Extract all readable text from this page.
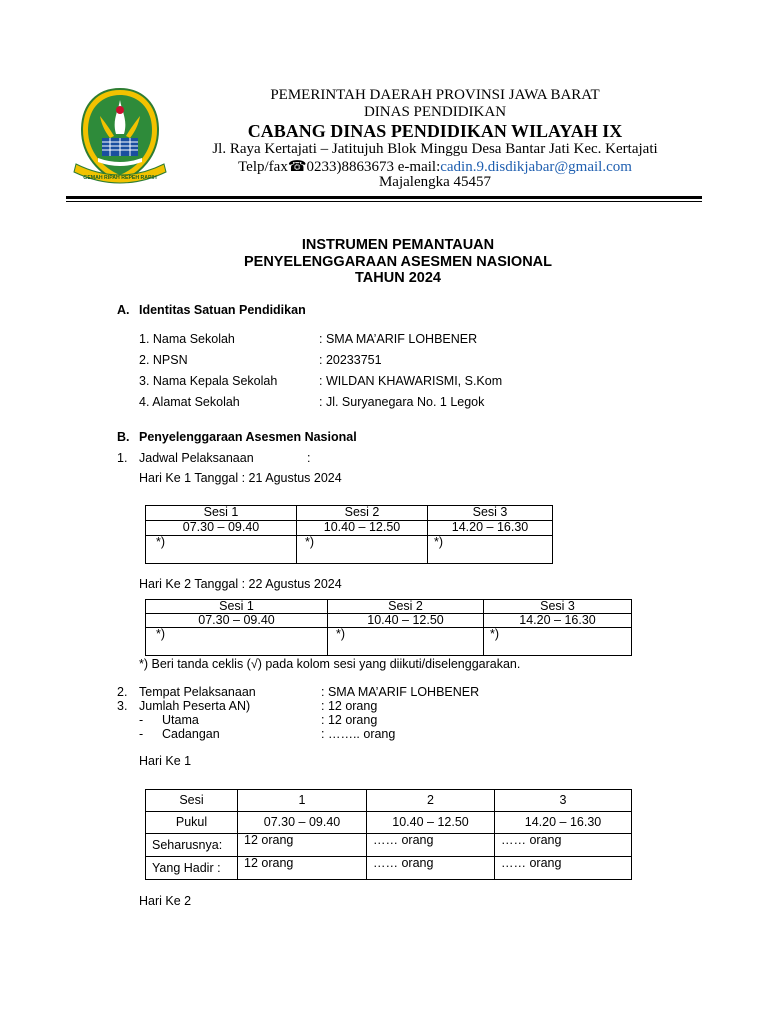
GEMAH RIPAH REPEH RAPIH
PEMERINTAH DAERAH PROVINSI JAWA BARAT
DINAS PENDIDIKAN
CABANG DINAS PENDIDIKAN WILAYAH IX
Jl. Raya Kertajati – Jatitujuh Blok Minggu Desa Bantar Jati Kec. Kertajati
Telp/fax☎0233)8863673 e-mail:cadin.9.disdikjabar@gmail.com
Majalengka 45457
INSTRUMEN PEMANTAUAN
PENYELENGGARAAN ASESMEN NASIONAL
TAHUN 2024
A. Identitas Satuan Pendidikan
1. Nama Sekolah	: SMA MA’ARIF LOHBENER
2. NPSN	: 20233751
3. Nama Kepala Sekolah	: WILDAN KHAWARISMI, S.Kom
4. Alamat Sekolah	: Jl. Suryanegara No. 1 Legok
B. Penyelenggaraan Asesmen Nasional
1. Jadwal Pelaksanaan	:
Hari Ke 1 Tanggal : 21 Agustus 2024
Sesi 1	Sesi 2	Sesi 3
07.30 – 09.40	10.40 – 12.50	14.20 – 16.30
*)	*)	*)
Hari Ke 2 Tanggal : 22 Agustus 2024
Sesi 1	Sesi 2	Sesi 3
07.30 – 09.40	10.40 – 12.50	14.20 – 16.30
*)	*)	*)
*) Beri tanda ceklis (√) pada kolom sesi yang diikuti/diselenggarakan.
2. Tempat Pelaksanaan	: SMA MA’ARIF LOHBENER
3. Jumlah Peserta AN)	: 12 orang
- Utama	: 12 orang
- Cadangan	: …….. orang
Hari Ke 1
Sesi	1	2	3
Pukul	07.30 – 09.40	10.40 – 12.50	14.20 – 16.30
Seharusnya:	12 orang	…… orang	…… orang
Yang Hadir :	12 orang	…… orang	…… orang
Hari Ke 2
